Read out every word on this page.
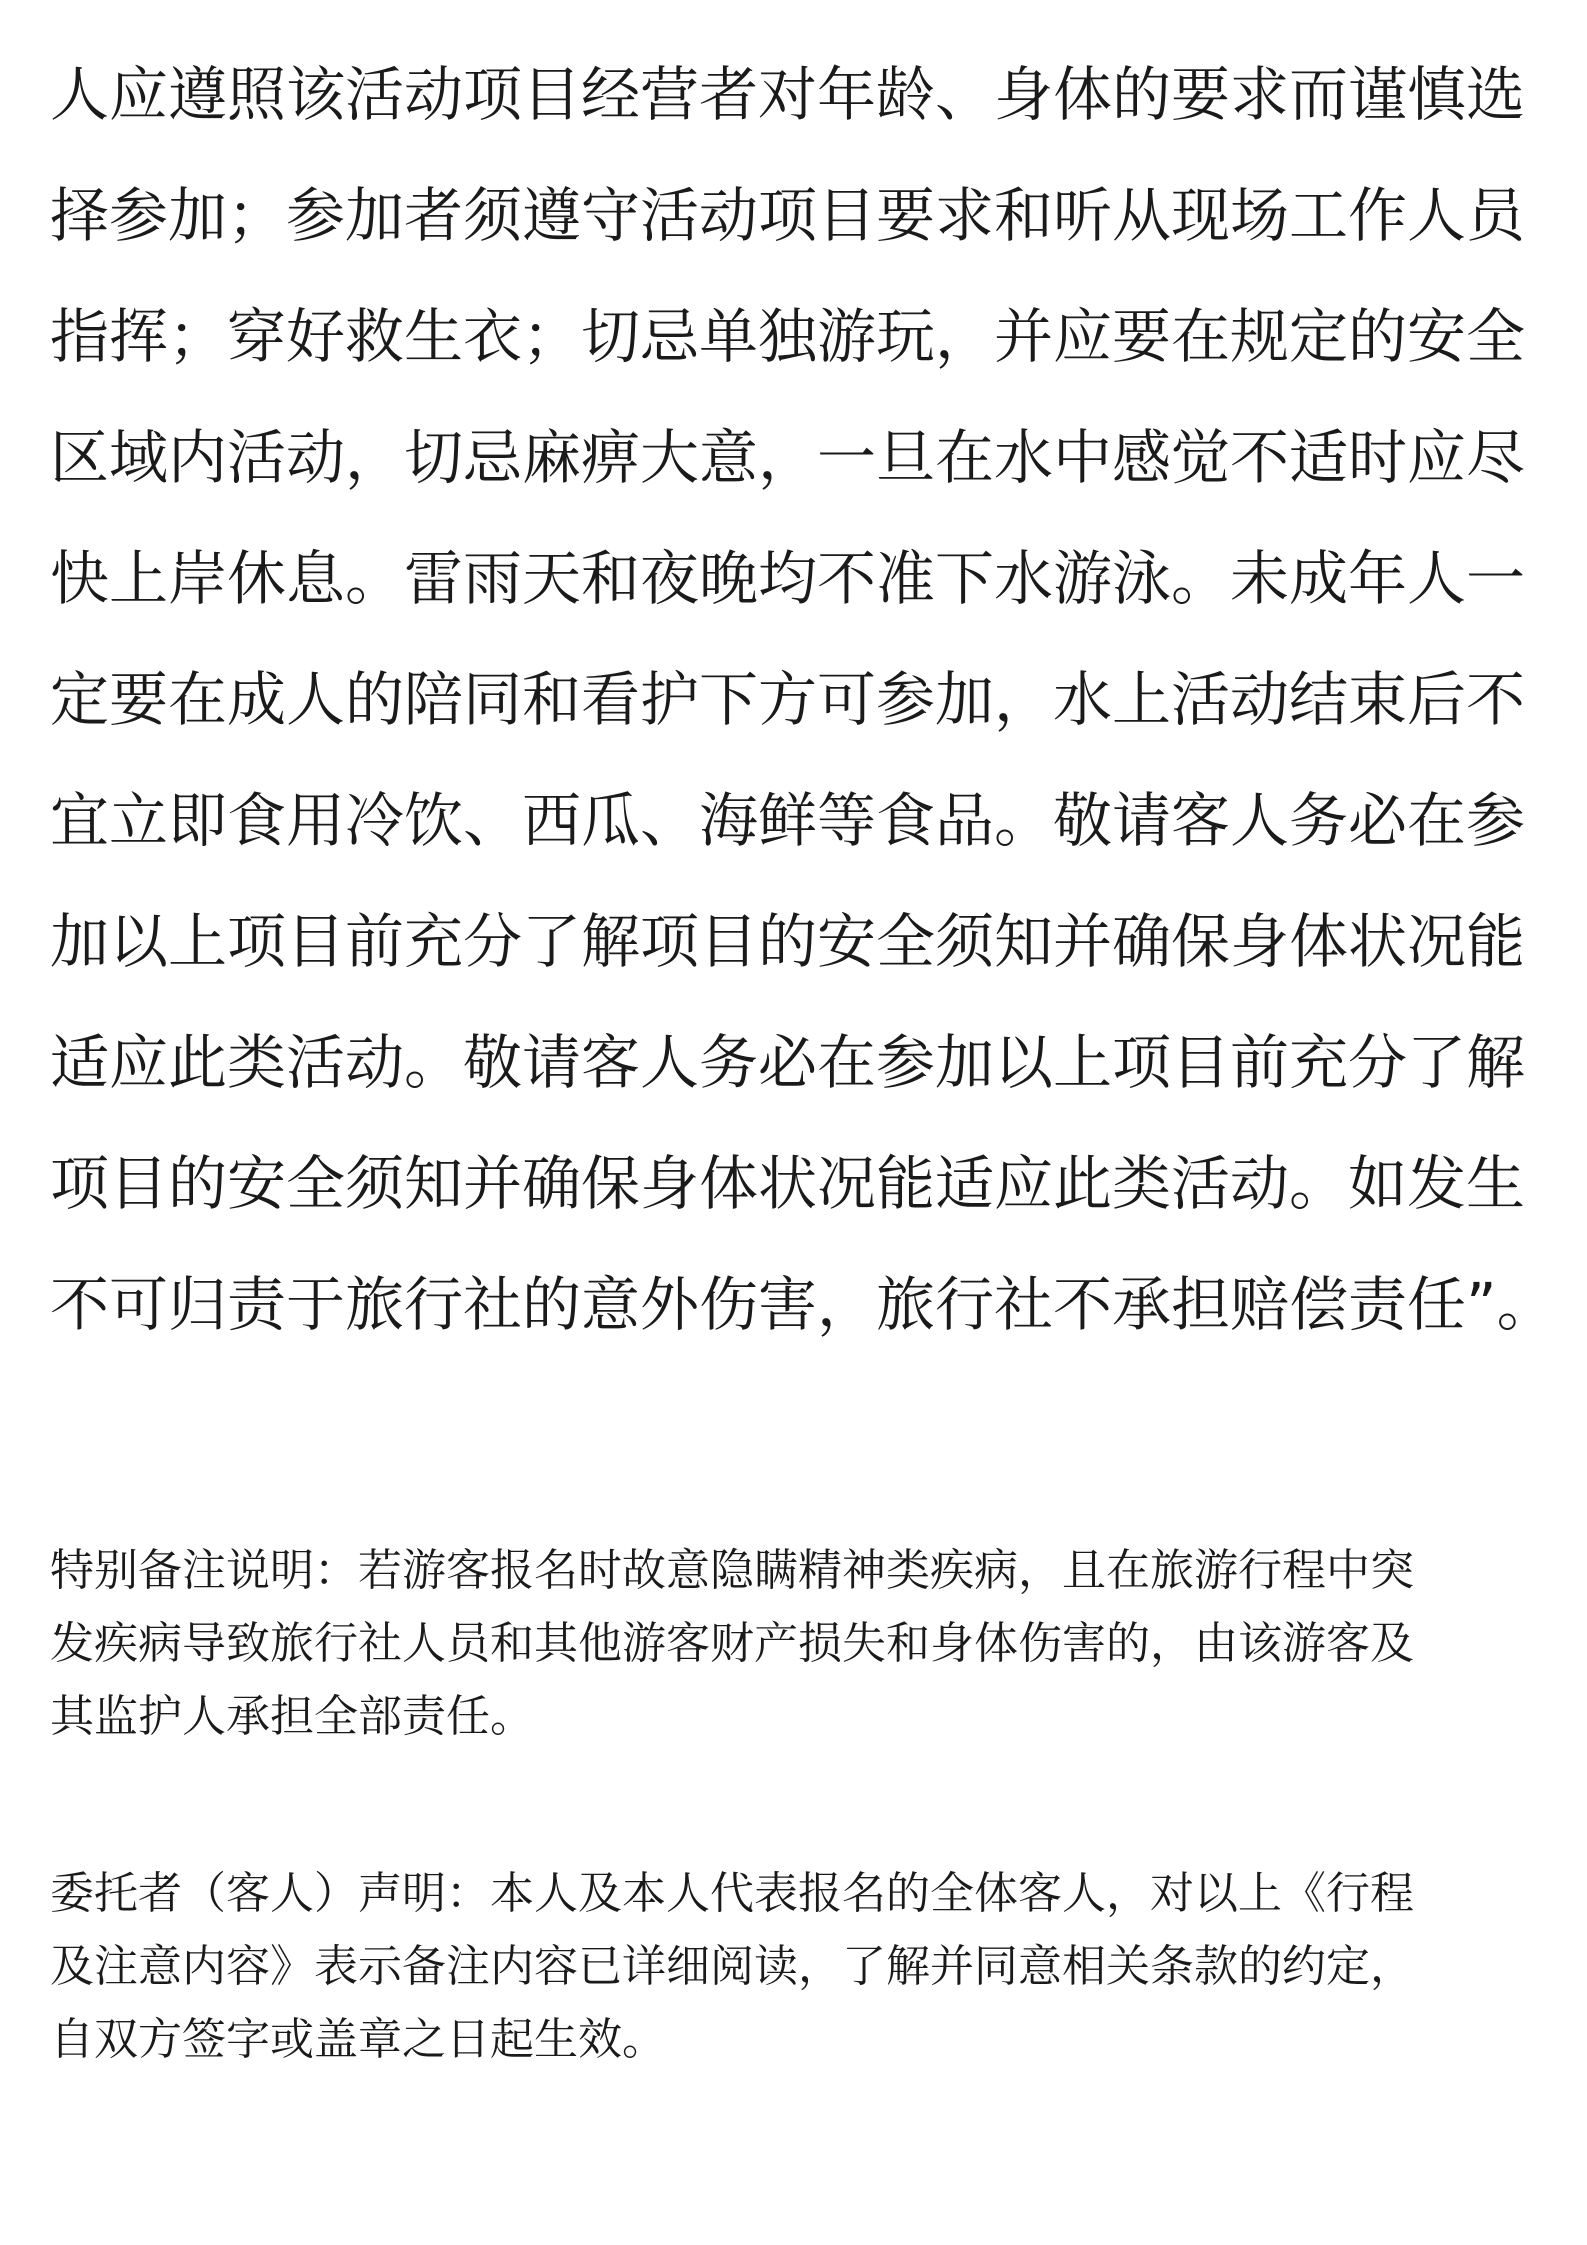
人应遵照该活动项目经营者对年龄、身体的要求而谨慎选

择参加；参加者须遵守活动项目要求和听从现场工作人员

指挥；穿好救生衣；切忌单独游玩，并应要在规定的安全

区域内活动，切忌麻痹大意，一旦在水中感觉不适时应尽

快上岸休息。雷雨天和夜晚均不准下水游泳。未成年人一

定要在成人的陪同和看护下方可参加，水上活动结束后不

宜立即食用冷饮、西瓜、海鲜等食品。敬请客人务必在参

加以上项目前充分了解项目的安全须知并确保身体状况能

适应此类活动。敬请客人务必在参加以上项目前充分了解

项目的安全须知并确保身体状况能适应此类活动。如发生

不可归责于旅行社的意外伤害，旅行社不承担赔偿责任”。

特别备注说明：若游客报名时故意隐瞒精神类疾病，且在旅游行程中突

发疾病导致旅行社人员和其他游客财产损失和身体伤害的，由该游客及

其监护人承担全部责任。

委托者（客人）声明：本人及本人代表报名的全体客人，对以上《行程

及注意内容》表示备注内容已详细阅读，了解并同意相关条款的约定，

自双方签字或盖章之日起生效。
